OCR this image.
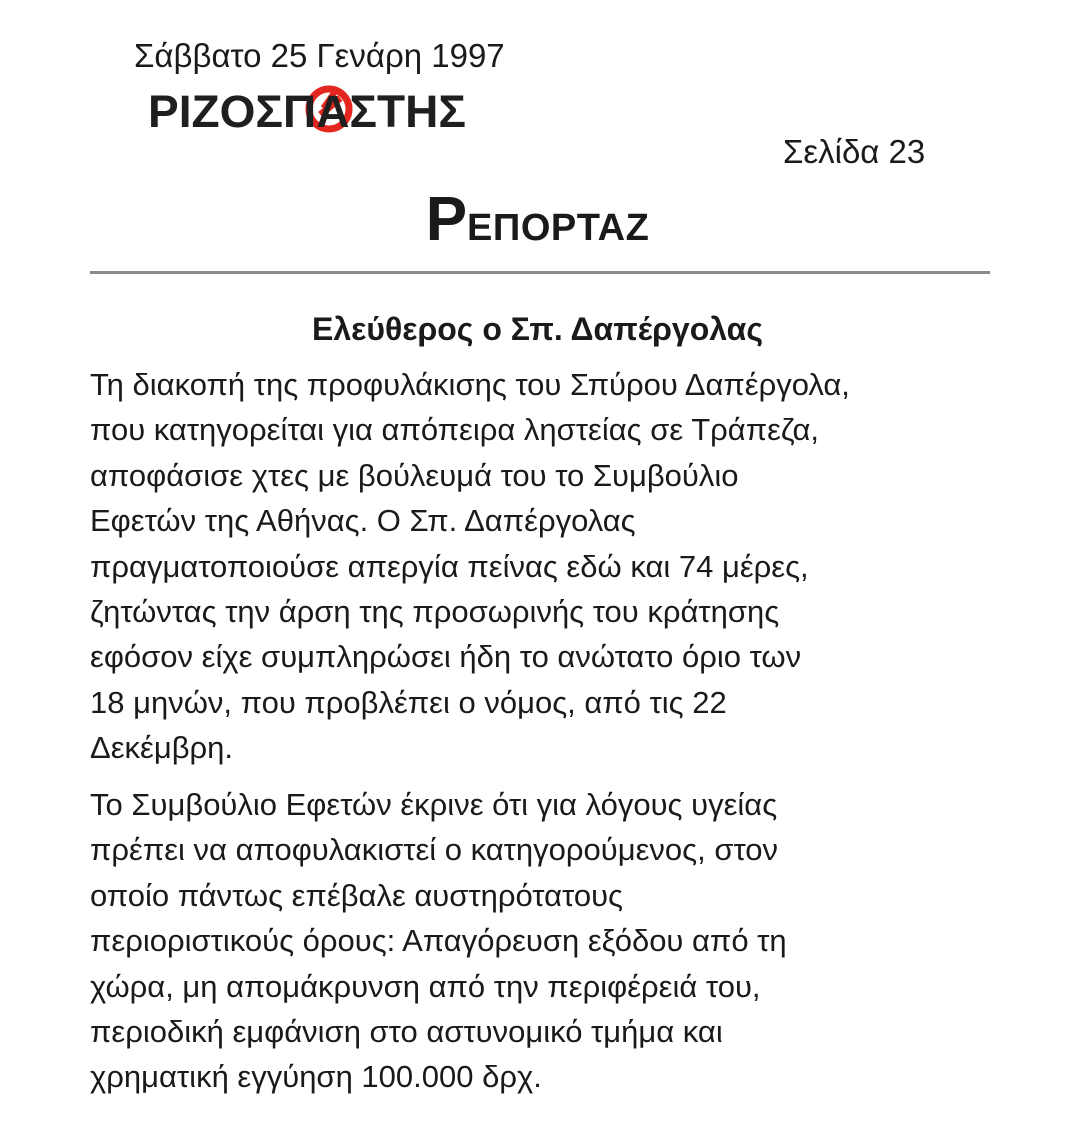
Σάββατο 25 Γενάρη 1997
ΡΙΖΟΣΠΑΣΤΗΣ
Σελίδα 23
ΡΕΠΟΡΤΑΖ
Ελεύθερος ο Σπ. Δαπέργολας
Τη διακοπή της προφυλάκισης του Σπύρου Δαπέργολα,
που κατηγορείται για απόπειρα ληστείας σε Τράπεζα,
αποφάσισε χτες με βούλευμά του το Συμβούλιο
Εφετών της Αθήνας. Ο Σπ. Δαπέργολας
πραγματοποιούσε απεργία πείνας εδώ και 74 μέρες,
ζητώντας την άρση της προσωρινής του κράτησης
εφόσον είχε συμπληρώσει ήδη το ανώτατο όριο των
18 μηνών, που προβλέπει ο νόμος, από τις 22
Δεκέμβρη.
Το Συμβούλιο Εφετών έκρινε ότι για λόγους υγείας
πρέπει να αποφυλακιστεί ο κατηγορούμενος, στον
οποίο πάντως επέβαλε αυστηρότατους
περιοριστικούς όρους: Απαγόρευση εξόδου από τη
χώρα, μη απομάκρυνση από την περιφέρειά του,
περιοδική εμφάνιση στο αστυνομικό τμήμα και
χρηματική εγγύηση 100.000 δρχ.
